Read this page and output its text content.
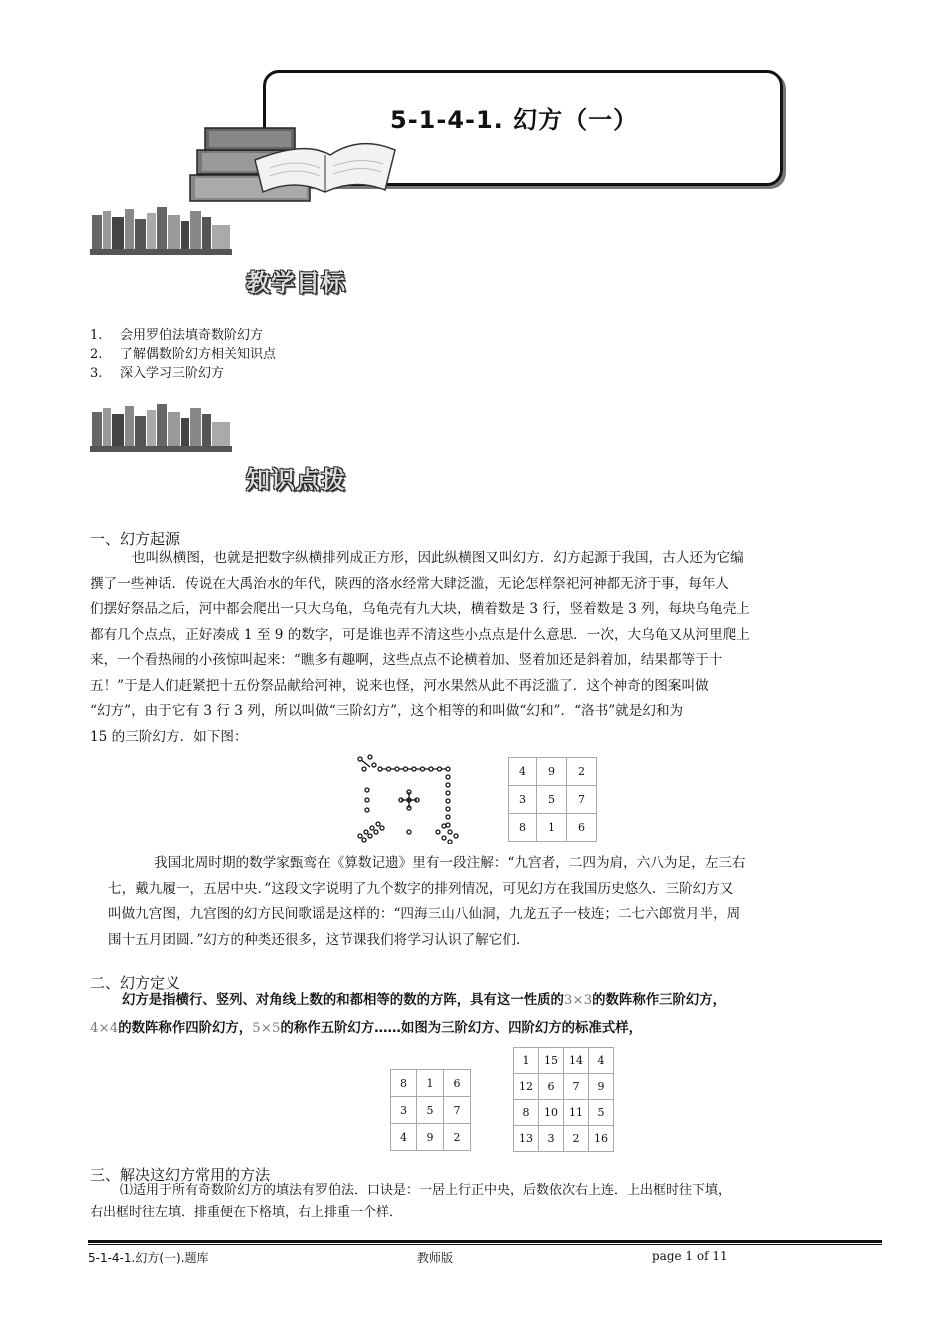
5-1-4-1. 幻方（一）
教学目标
1. 会用罗伯法填奇数阶幻方
2. 了解偶数阶幻方相关知识点
3. 深入学习三阶幻方
知识点拨
一、幻方起源
也叫纵横图，也就是把数字纵横排列成正方形，因此纵横图又叫幻方．幻方起源于我国，古人还为它编
撰了一些神话．传说在大禹治水的年代，陕西的洛水经常大肆泛滥，无论怎样祭祀河神都无济于事，每年人
们摆好祭品之后，河中都会爬出一只大乌龟，乌龟壳有九大块，横着数是 3 行，竖着数是 3 列，每块乌龟壳上
都有几个点点，正好凑成 1 至 9 的数字，可是谁也弄不清这些小点点是什么意思．一次，大乌龟又从河里爬上
来，一个看热闹的小孩惊叫起来：“瞧多有趣啊，这些点点不论横着加、竖着加还是斜着加，结果都等于十
五！”于是人们赶紧把十五份祭品献给河神，说来也怪，河水果然从此不再泛滥了．这个神奇的图案叫做
“幻方”，由于它有 3 行 3 列，所以叫做“三阶幻方”，这个相等的和叫做“幻和”．“洛书”就是幻和为
15 的三阶幻方．如下图：
4	9	2
3	5	7
8	1	6
我国北周时期的数学家甄鸾在《算数记遗》里有一段注解：“九宫者，二四为肩，六八为足，左三右
七，戴九履一，五居中央．”这段文字说明了九个数字的排列情况，可见幻方在我国历史悠久．三阶幻方又
叫做九宫图，九宫图的幻方民间歌谣是这样的：“四海三山八仙洞，九龙五子一枝连；二七六郎赏月半，周
围十五月团圆．”幻方的种类还很多，这节课我们将学习认识了解它们．
二、幻方定义
幻方是指横行、竖列、对角线上数的和都相等的数的方阵，具有这一性质的3×3的数阵称作三阶幻方，
4×4的数阵称作四阶幻方，5×5的称作五阶幻方……如图为三阶幻方、四阶幻方的标准式样，
8	1	6
3	5	7
4	9	2
1	15	14	4
12	6	7	9
8	10	11	5
13	3	2	16
三、解决这幻方常用的方法
⑴适用于所有奇数阶幻方的填法有罗伯法．口诀是：一居上行正中央，后数依次右上连．上出框时往下填，
右出框时往左填．排重便在下格填，右上排重一个样．
5-1-4-1.幻方(一).题库	教师版	page 1 of 11
